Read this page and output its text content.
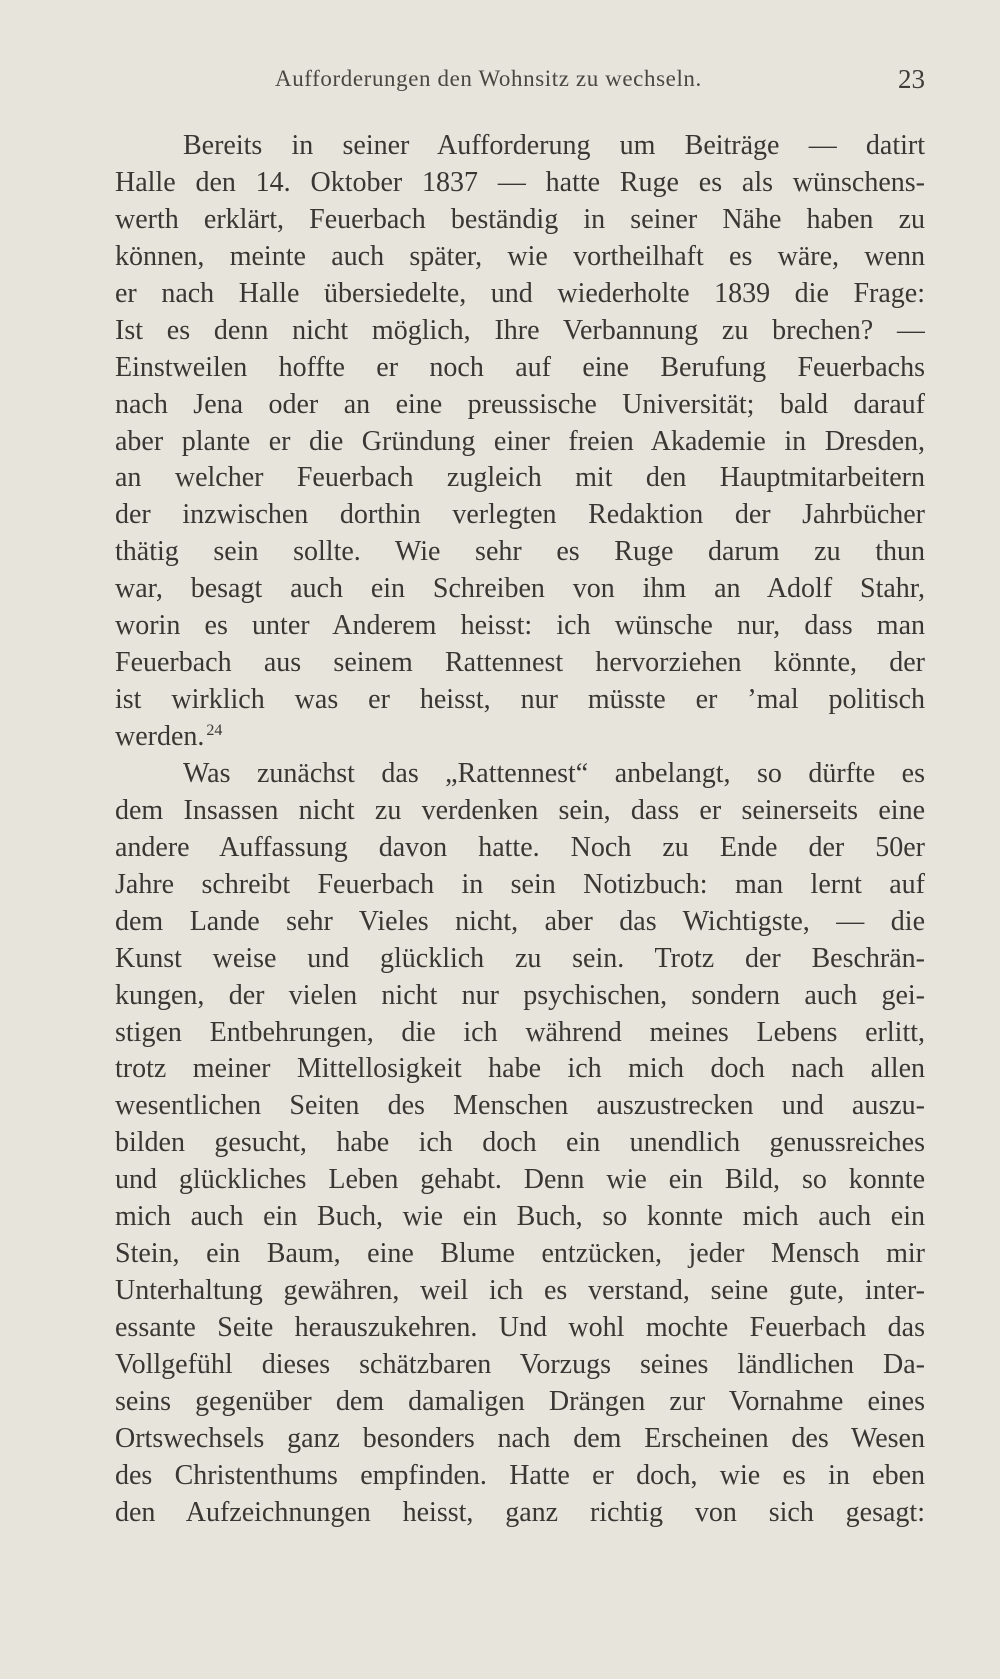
Aufforderungen den Wohnsitz zu wechseln.	23
Bereits in seiner Aufforderung um Beiträge — datirt
Halle den 14. Oktober 1837 — hatte Ruge es als wünschens-
werth erklärt, Feuerbach beständig in seiner Nähe haben zu
können, meinte auch später, wie vortheilhaft es wäre, wenn
er nach Halle übersiedelte, und wiederholte 1839 die Frage:
Ist es denn nicht möglich, Ihre Verbannung zu brechen? —
Einstweilen hoffte er noch auf eine Berufung Feuerbachs
nach Jena oder an eine preussische Universität; bald darauf
aber plante er die Gründung einer freien Akademie in Dresden,
an welcher Feuerbach zugleich mit den Hauptmitarbeitern
der inzwischen dorthin verlegten Redaktion der Jahrbücher
thätig sein sollte. Wie sehr es Ruge darum zu thun
war, besagt auch ein Schreiben von ihm an Adolf Stahr,
worin es unter Anderem heisst: ich wünsche nur, dass man
Feuerbach aus seinem Rattennest hervorziehen könnte, der
ist wirklich was er heisst, nur müsste er ’mal politisch
werden. $^{24}$
Was zunächst das „Rattennest“ anbelangt, so dürfte es
dem Insassen nicht zu verdenken sein, dass er seinerseits eine
andere Auffassung davon hatte. Noch zu Ende der 50er
Jahre schreibt Feuerbach in sein Notizbuch: man lernt auf
dem Lande sehr Vieles nicht, aber das Wichtigste, — die
Kunst weise und glücklich zu sein. Trotz der Beschrän-
kungen, der vielen nicht nur psychischen, sondern auch gei-
stigen Entbehrungen, die ich während meines Lebens erlitt,
trotz meiner Mittellosigkeit habe ich mich doch nach allen
wesentlichen Seiten des Menschen auszustrecken und auszu-
bilden gesucht, habe ich doch ein unendlich genussreiches
und glückliches Leben gehabt. Denn wie ein Bild, so konnte
mich auch ein Buch, wie ein Buch, so konnte mich auch ein
Stein, ein Baum, eine Blume entzücken, jeder Mensch mir
Unterhaltung gewähren, weil ich es verstand, seine gute, inter-
essante Seite herauszukehren. Und wohl mochte Feuerbach das
Vollgefühl dieses schätzbaren Vorzugs seines ländlichen Da-
seins gegenüber dem damaligen Drängen zur Vornahme eines
Ortswechsels ganz besonders nach dem Erscheinen des Wesen
des Christenthums empfinden. Hatte er doch, wie es in eben
den Aufzeichnungen heisst, ganz richtig von sich gesagt:
